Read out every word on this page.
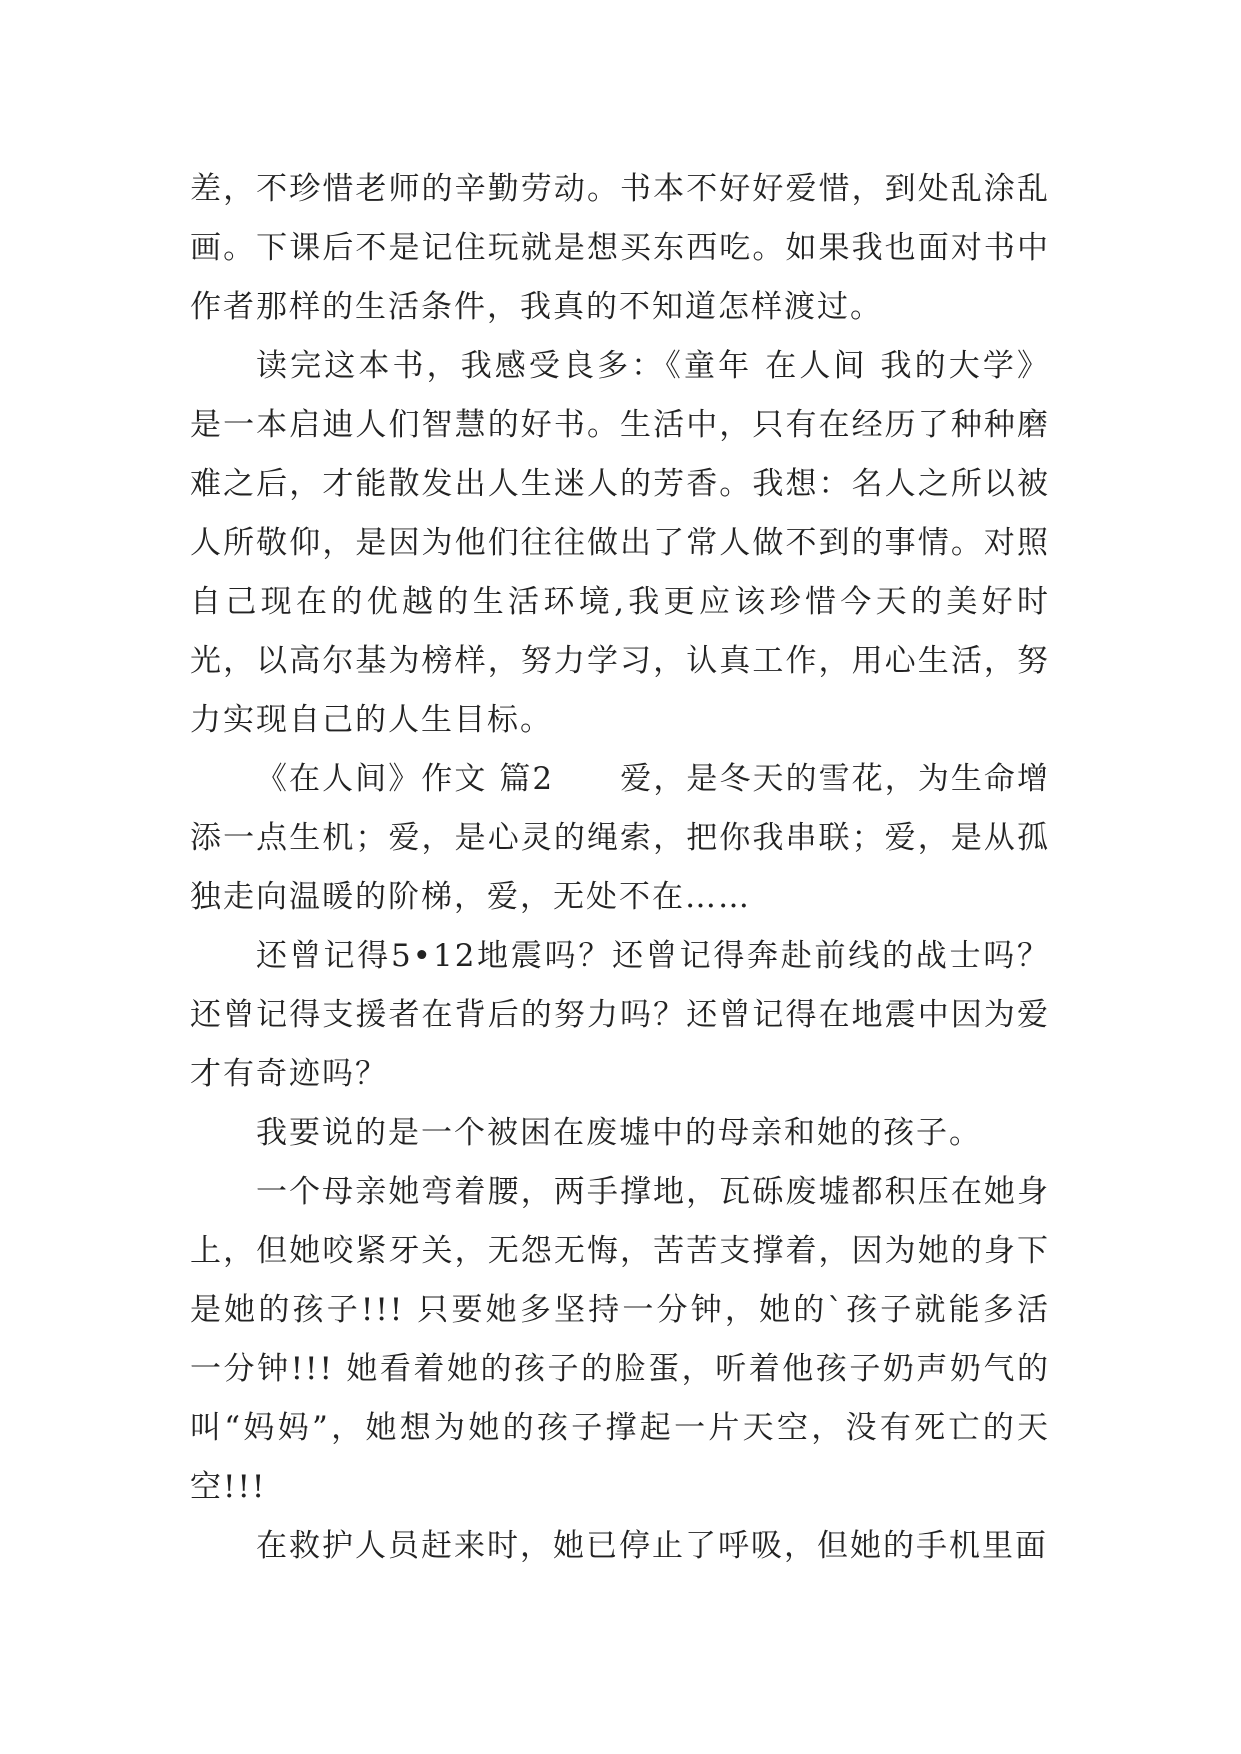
差，不珍惜老师的辛勤劳动。书本不好好爱惜，到处乱涂乱画。下课后不是记住玩就是想买东西吃。如果我也面对书中作者那样的生活条件，我真的不知道怎样渡过。

读完这本书，我感受良多：《童年 在人间 我的大学》是一本启迪人们智慧的好书。生活中，只有在经历了种种磨难之后，才能散发出人生迷人的芳香。我想：名人之所以被人所敬仰，是因为他们往往做出了常人做不到的事情。对照自己现在的优越的生活环境,我更应该珍惜今天的美好时光，以高尔基为榜样，努力学习，认真工作，用心生活，努力实现自己的人生目标。

《在人间》作文 篇2　　爱，是冬天的雪花，为生命增添一点生机；爱，是心灵的绳索，把你我串联；爱，是从孤独走向温暖的阶梯，爱，无处不在……

还曾记得5•12地震吗？还曾记得奔赴前线的战士吗？还曾记得支援者在背后的努力吗？还曾记得在地震中因为爱才有奇迹吗？

我要说的是一个被困在废墟中的母亲和她的孩子。

一个母亲她弯着腰，两手撑地，瓦砾废墟都积压在她身上，但她咬紧牙关，无怨无悔，苦苦支撑着，因为她的身下是她的孩子!!! 只要她多坚持一分钟，她的`孩子就能多活一分钟!!! 她看着她的孩子的脸蛋，听着他孩子奶声奶气的叫“妈妈”，她想为她的孩子撑起一片天空，没有死亡的天空!!!

在救护人员赶来时，她已停止了呼吸，但她的手机里面
